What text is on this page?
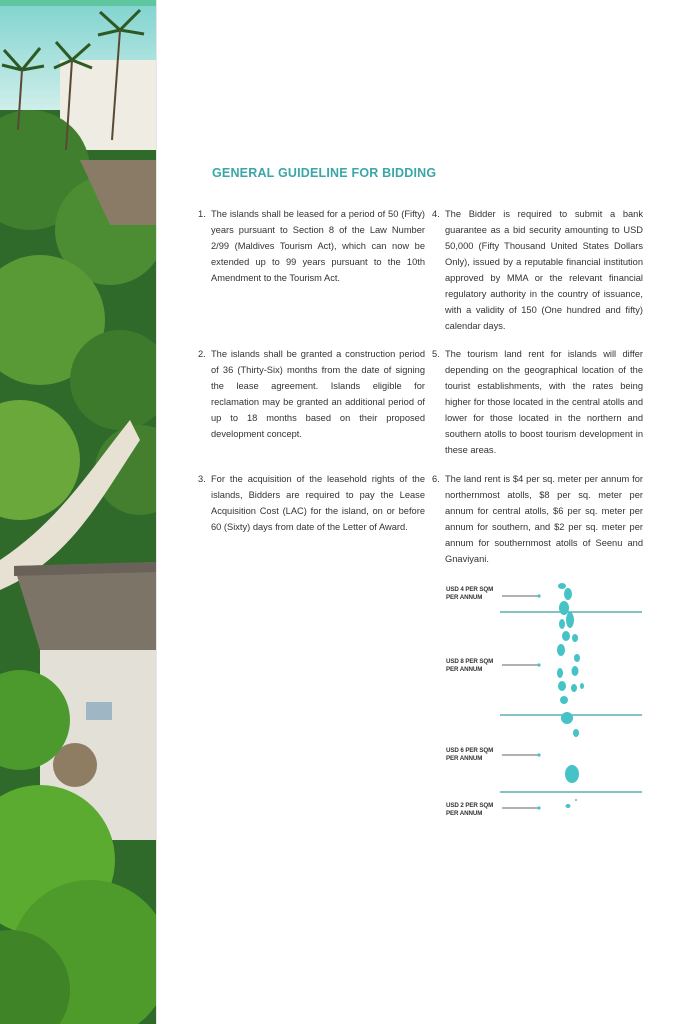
GENERAL GUIDELINE FOR BIDDING
1. The islands shall be leased for a period of 50 (Fifty) years pursuant to Section 8 of the Law Number 2/99 (Maldives Tourism Act), which can now be extended up to 99 years pursuant to the 10th Amendment to the Tourism Act.

2. The islands shall be granted a construction period of 36 (Thirty-Six) months from the date of signing the lease agreement. Islands eligible for reclamation may be granted an additional period of up to 18 months based on their proposed development concept.

3. For the acquisition of the leasehold rights of the islands, Bidders are required to pay the Lease Acquisition Cost (LAC) for the island, on or before 60 (Sixty) days from date of the Letter of Award.

4. The Bidder is required to submit a bank guarantee as a bid security amounting to USD 50,000 (Fifty Thousand United States Dollars Only), issued by a reputable financial institution approved by MMA or the relevant financial regulatory authority in the country of issuance, with a validity of 150 (One hundred and fifty) calendar days.

5. The tourism land rent for islands will differ depending on the geographical location of the tourist establishments, with the rates being higher for those located in the central atolls and lower for those located in the northern and southern atolls to boost tourism development in these areas.

6. The land rent is $4 per sq. meter per annum for northernmost atolls, $8 per sq. meter per annum for central atolls, $6 per sq. meter per annum for southern, and $2 per sq. meter per annum for southernmost atolls of Seenu and Gnaviyani.

USD 4 PER SQM
PER ANNUM
USD 8 PER SQM
PER ANNUM
USD 6 PER SQM
PER ANNUM
USD 2 PER SQM
PER ANNUM
